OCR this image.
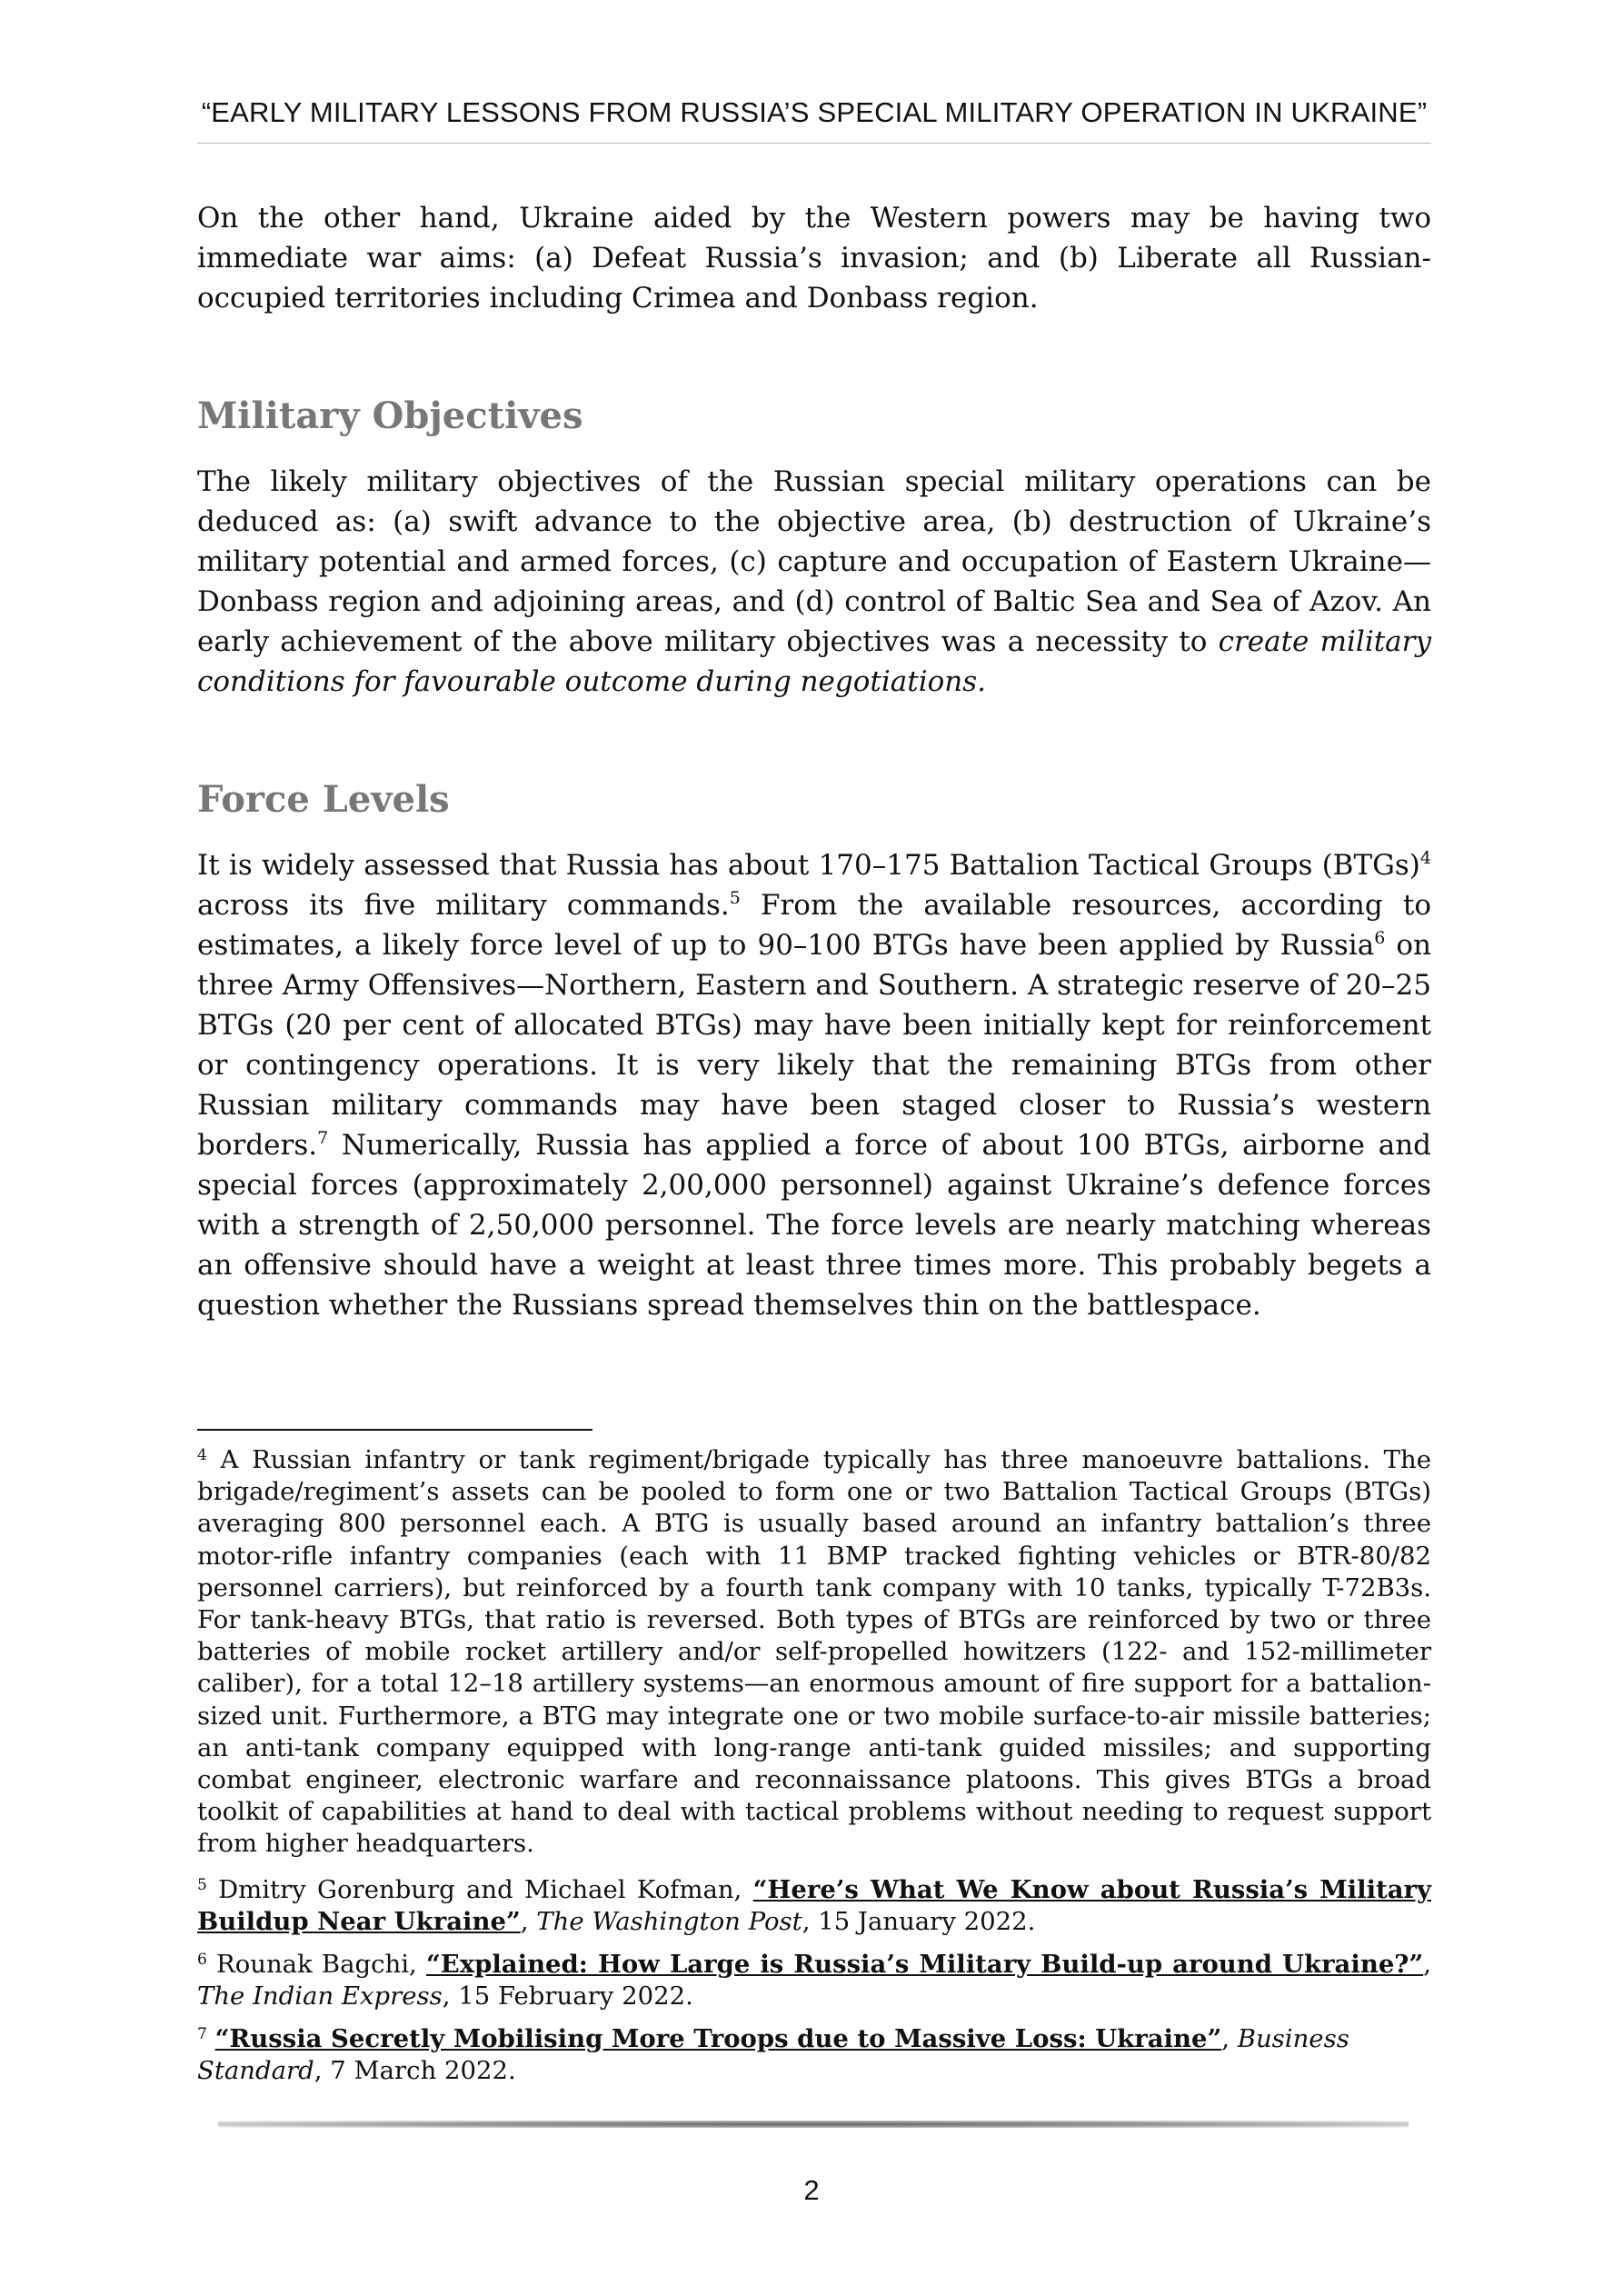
“EARLY MILITARY LESSONS FROM RUSSIA’S SPECIAL MILITARY OPERATION IN UKRAINE”

On the other hand, Ukraine aided by the Western powers may be having two immediate war aims: (a) Defeat Russia’s invasion; and (b) Liberate all Russian-occupied territories including Crimea and Donbass region.

Military Objectives

The likely military objectives of the Russian special military operations can be deduced as: (a) swift advance to the objective area, (b) destruction of Ukraine’s military potential and armed forces, (c) capture and occupation of Eastern Ukraine—Donbass region and adjoining areas, and (d) control of Baltic Sea and Sea of Azov. An early achievement of the above military objectives was a necessity to create military conditions for favourable outcome during negotiations.

Force Levels

It is widely assessed that Russia has about 170–175 Battalion Tactical Groups (BTGs)$^4$ across its five military commands.$^5$ From the available resources, according to estimates, a likely force level of up to 90–100 BTGs have been applied by Russia$^6$ on three Army Offensives—Northern, Eastern and Southern. A strategic reserve of 20–25 BTGs (20 per cent of allocated BTGs) may have been initially kept for reinforcement or contingency operations. It is very likely that the remaining BTGs from other Russian military commands may have been staged closer to Russia’s western borders.$^7$ Numerically, Russia has applied a force of about 100 BTGs, airborne and special forces (approximately 2,00,000 personnel) against Ukraine’s defence forces with a strength of 2,50,000 personnel. The force levels are nearly matching whereas an offensive should have a weight at least three times more. This probably begets a question whether the Russians spread themselves thin on the battlespace.

$^4$ A Russian infantry or tank regiment/brigade typically has three manoeuvre battalions. The brigade/regiment’s assets can be pooled to form one or two Battalion Tactical Groups (BTGs) averaging 800 personnel each. A BTG is usually based around an infantry battalion’s three motor-rifle infantry companies (each with 11 BMP tracked fighting vehicles or BTR-80/82 personnel carriers), but reinforced by a fourth tank company with 10 tanks, typically T-72B3s. For tank-heavy BTGs, that ratio is reversed. Both types of BTGs are reinforced by two or three batteries of mobile rocket artillery and/or self-propelled howitzers (122- and 152-millimeter caliber), for a total 12–18 artillery systems—an enormous amount of fire support for a battalion-sized unit. Furthermore, a BTG may integrate one or two mobile surface-to-air missile batteries; an anti-tank company equipped with long-range anti-tank guided missiles; and supporting combat engineer, electronic warfare and reconnaissance platoons. This gives BTGs a broad toolkit of capabilities at hand to deal with tactical problems without needing to request support from higher headquarters.

$^5$ Dmitry Gorenburg and Michael Kofman, “Here’s What We Know about Russia’s Military Buildup Near Ukraine”, The Washington Post, 15 January 2022.

$^6$ Rounak Bagchi, “Explained: How Large is Russia’s Military Build-up around Ukraine?”, The Indian Express, 15 February 2022.

$^7$ “Russia Secretly Mobilising More Troops due to Massive Loss: Ukraine”, Business Standard, 7 March 2022.

2
